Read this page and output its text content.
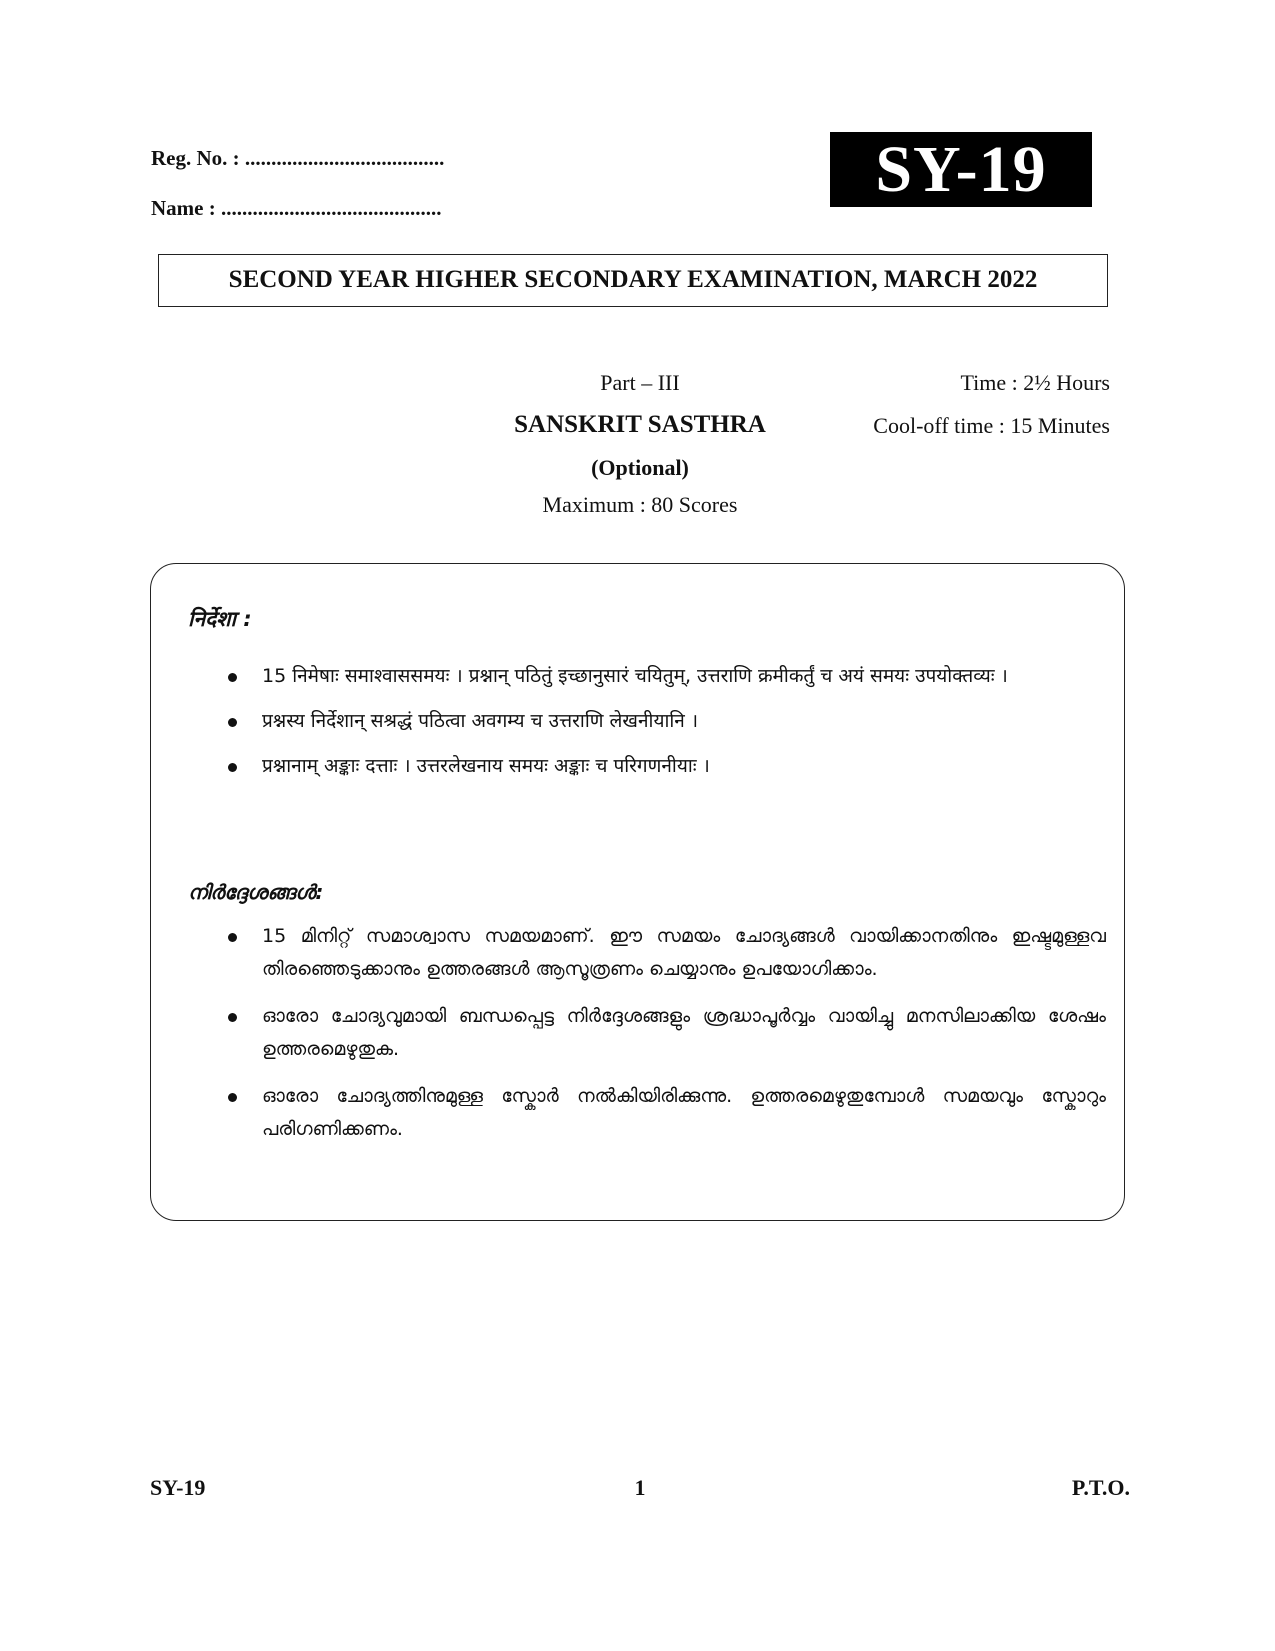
Reg. No. : ......................................
Name : ..........................................
SY-19
SECOND YEAR HIGHER SECONDARY EXAMINATION, MARCH 2022
Part – III
SANSKRIT SASTHRA
(Optional)
Maximum : 80 Scores
Time : 2½ Hours
Cool-off time : 15 Minutes
निर्देशा :
15 निमेषाः समाश्वाससमयः । प्रश्नान् पठितुं इच्छानुसारं चयितुम्, उत्तराणि क्रमीकर्तुं च अयं समयः उपयोक्तव्यः ।
प्रश्नस्य निर्देशान् सश्रद्धं पठित्वा अवगम्य च उत्तराणि लेखनीयानि ।
प्रश्नानाम् अङ्काः दत्ताः । उत्तरलेखनाय समयः अङ्काः च परिगणनीयाः ।
നിർദ്ദേശങ്ങൾ:
15 മിനിറ്റ് സമാശ്വാസ സമയമാണ്. ഈ സമയം ചോദ്യങ്ങൾ വായിക്കാനതിനും ഇഷ്ടമുള്ളവ തിരഞ്ഞെടുക്കാനും ഉത്തരങ്ങൾ ആസൂത്രണം ചെയ്യാനും ഉപയോഗിക്കാം.
ഓരോ ചോദ്യവുമായി ബന്ധപ്പെട്ട നിർദ്ദേശങ്ങളും ശ്രദ്ധാപൂർവ്വം വായിച്ചു മനസിലാക്കിയ ശേഷം ഉത്തരമെഴുതുക.
ഓരോ ചോദ്യത്തിനുമുള്ള സ്കോർ നൽകിയിരിക്കുന്നു. ഉത്തരമെഴുതുമ്പോൾ സമയവും സ്കോറും പരിഗണിക്കണം.
SY-19	1	P.T.O.
